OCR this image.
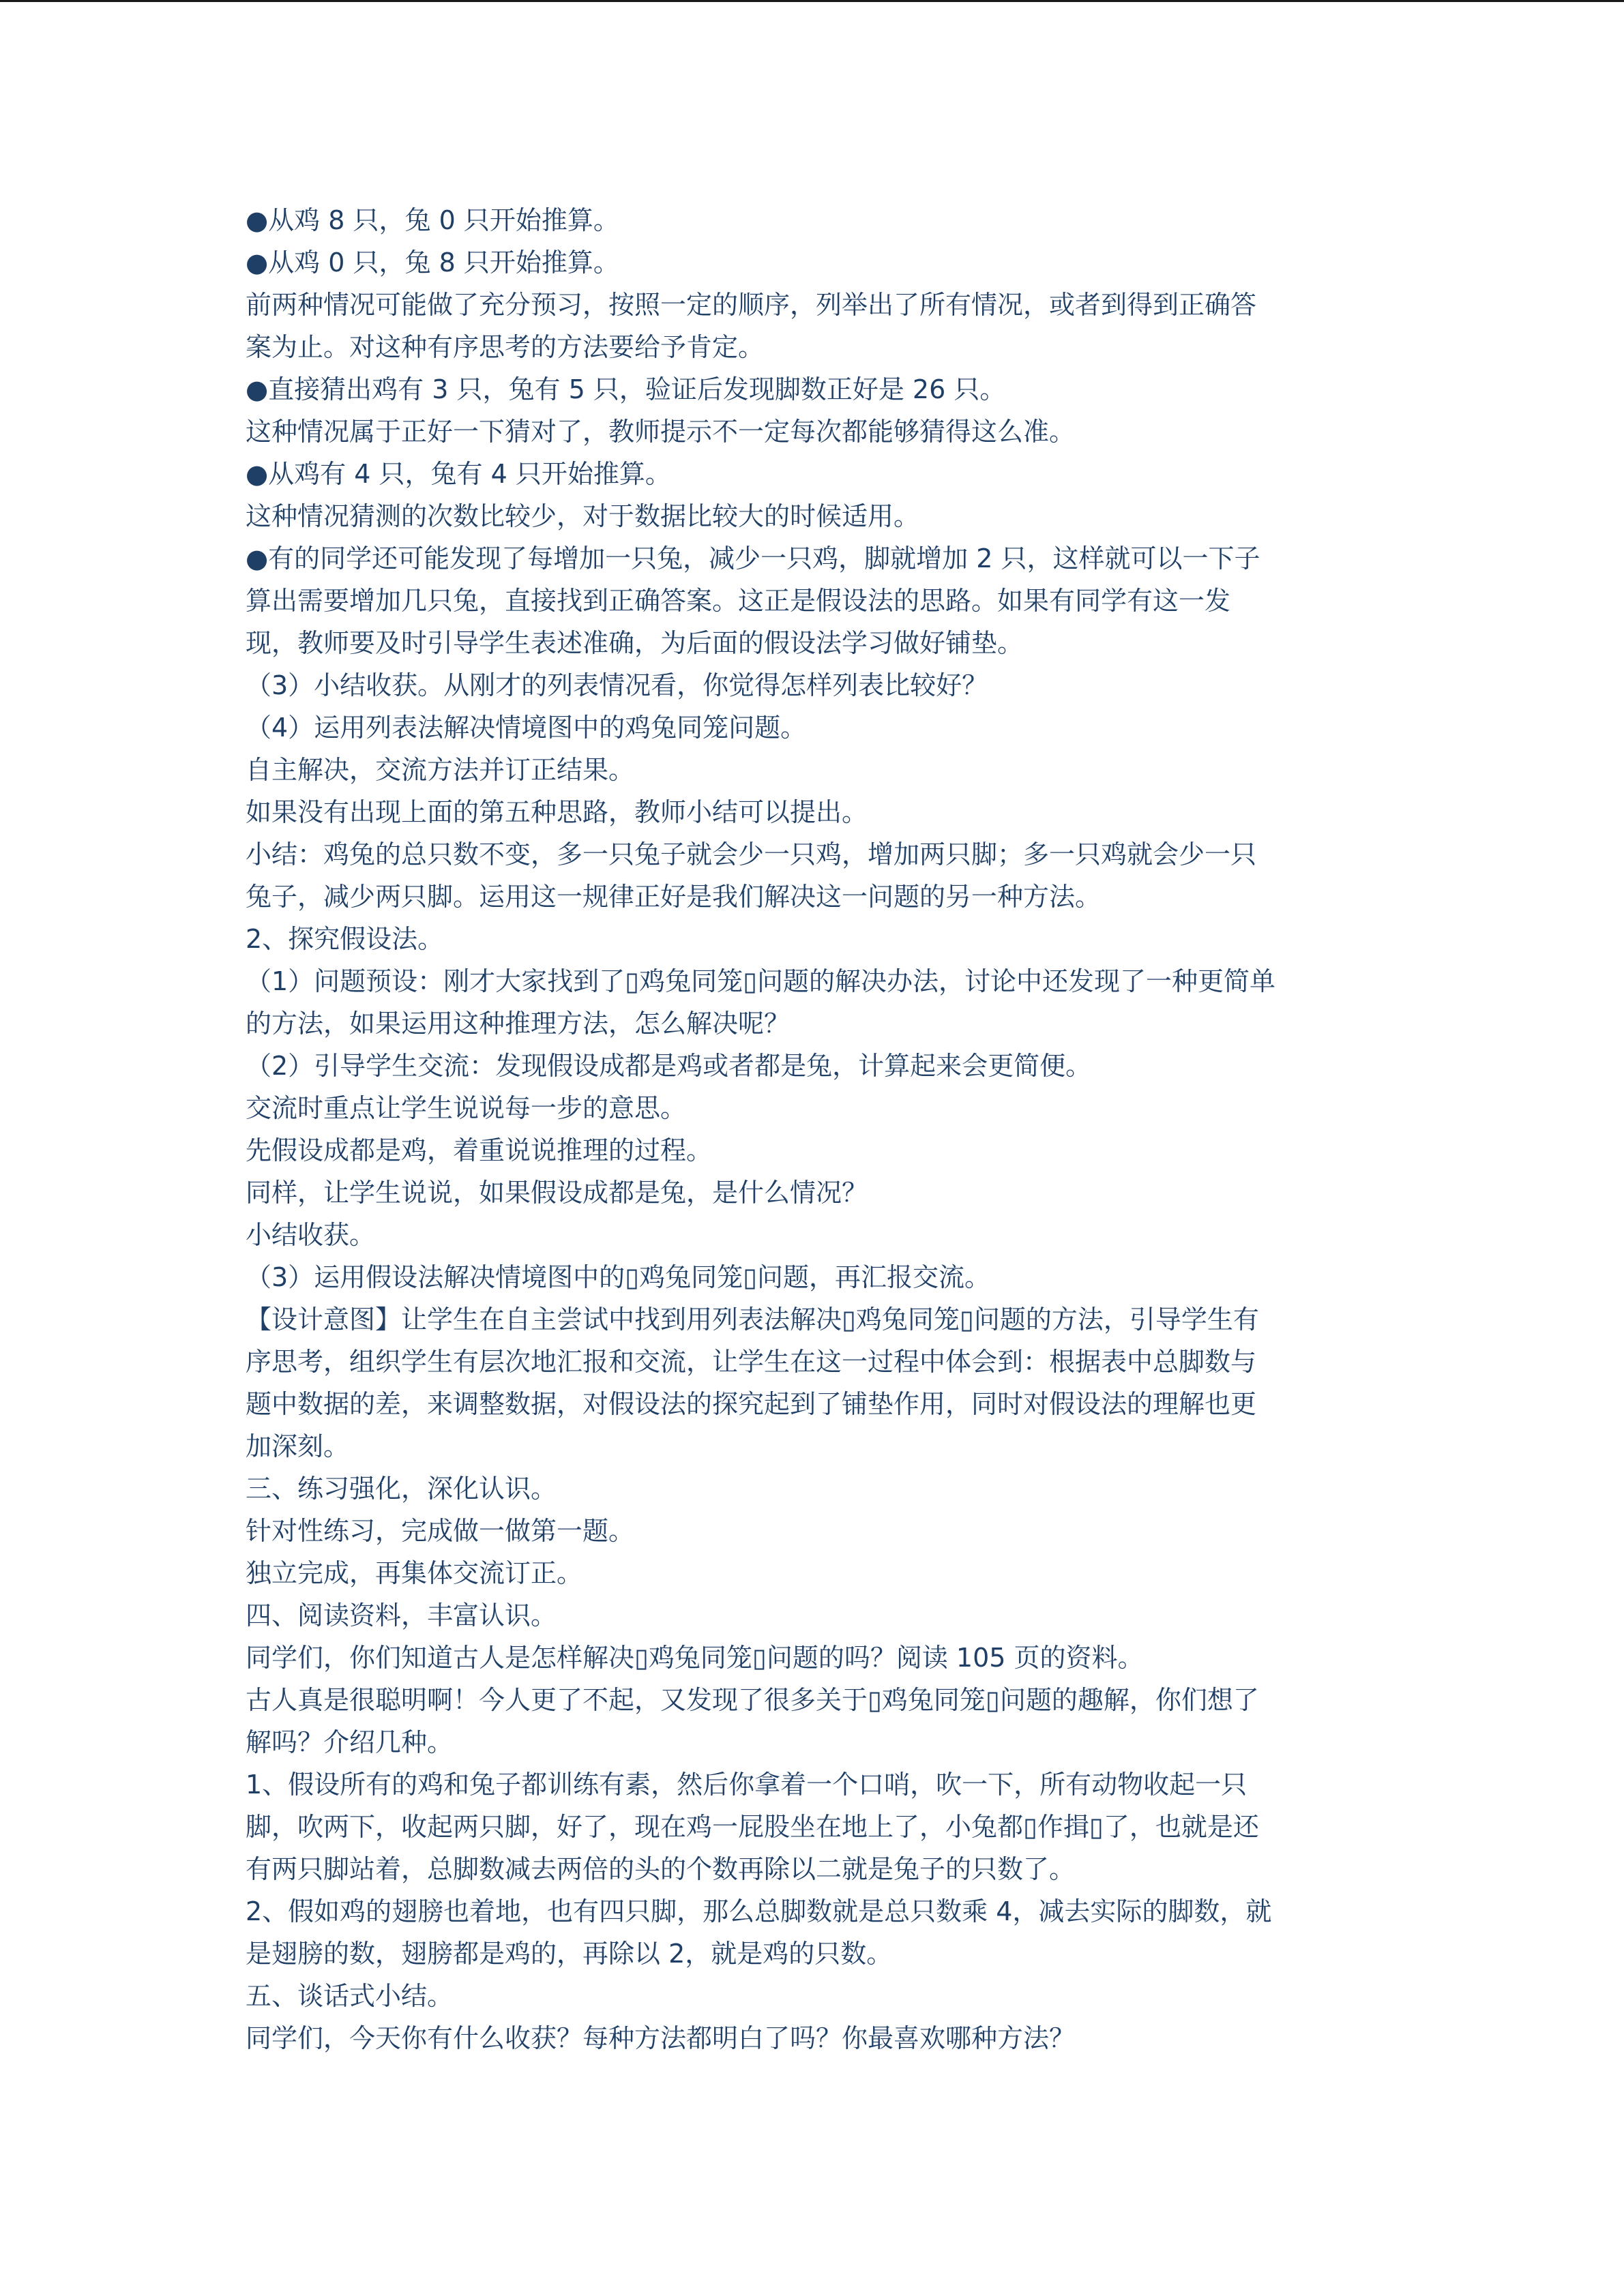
●从鸡 8 只，兔 0 只开始推算。
●从鸡 0 只，兔 8 只开始推算。
前两种情况可能做了充分预习，按照一定的顺序，列举出了所有情况，或者到得到正确答
案为止。对这种有序思考的方法要给予肯定。
●直接猜出鸡有 3 只，兔有 5 只，验证后发现脚数正好是 26 只。
这种情况属于正好一下猜对了，教师提示不一定每次都能够猜得这么准。
●从鸡有 4 只，兔有 4 只开始推算。
这种情况猜测的次数比较少，对于数据比较大的时候适用。
●有的同学还可能发现了每增加一只兔，减少一只鸡，脚就增加 2 只，这样就可以一下子
算出需要增加几只兔，直接找到正确答案。这正是假设法的思路。如果有同学有这一发
现，教师要及时引导学生表述准确，为后面的假设法学习做好铺垫。
（3）小结收获。从刚才的列表情况看，你觉得怎样列表比较好？
（4）运用列表法解决情境图中的鸡兔同笼问题。
自主解决，交流方法并订正结果。
如果没有出现上面的第五种思路，教师小结可以提出。
小结：鸡兔的总只数不变，多一只兔子就会少一只鸡，增加两只脚；多一只鸡就会少一只
兔子，减少两只脚。运用这一规律正好是我们解决这一问题的另一种方法。
2、探究假设法。
（1）问题预设：刚才大家找到了▯鸡兔同笼▯问题的解决办法，讨论中还发现了一种更简单
的方法，如果运用这种推理方法，怎么解决呢？
（2）引导学生交流：发现假设成都是鸡或者都是兔，计算起来会更简便。
交流时重点让学生说说每一步的意思。
先假设成都是鸡，着重说说推理的过程。
同样，让学生说说，如果假设成都是兔，是什么情况？
小结收获。
（3）运用假设法解决情境图中的▯鸡兔同笼▯问题，再汇报交流。
【设计意图】让学生在自主尝试中找到用列表法解决▯鸡兔同笼▯问题的方法，引导学生有
序思考，组织学生有层次地汇报和交流，让学生在这一过程中体会到：根据表中总脚数与
题中数据的差，来调整数据，对假设法的探究起到了铺垫作用，同时对假设法的理解也更
加深刻。
三、练习强化，深化认识。
针对性练习，完成做一做第一题。
独立完成，再集体交流订正。
四、阅读资料，丰富认识。
同学们，你们知道古人是怎样解决▯鸡兔同笼▯问题的吗？阅读 105 页的资料。
古人真是很聪明啊！今人更了不起，又发现了很多关于▯鸡兔同笼▯问题的趣解，你们想了
解吗？介绍几种。
1、假设所有的鸡和兔子都训练有素，然后你拿着一个口哨，吹一下，所有动物收起一只
脚，吹两下，收起两只脚，好了，现在鸡一屁股坐在地上了，小兔都▯作揖▯了，也就是还
有两只脚站着，总脚数减去两倍的头的个数再除以二就是兔子的只数了。
2、假如鸡的翅膀也着地，也有四只脚，那么总脚数就是总只数乘 4，减去实际的脚数，就
是翅膀的数，翅膀都是鸡的，再除以 2，就是鸡的只数。
五、谈话式小结。
同学们，今天你有什么收获？每种方法都明白了吗？你最喜欢哪种方法？
